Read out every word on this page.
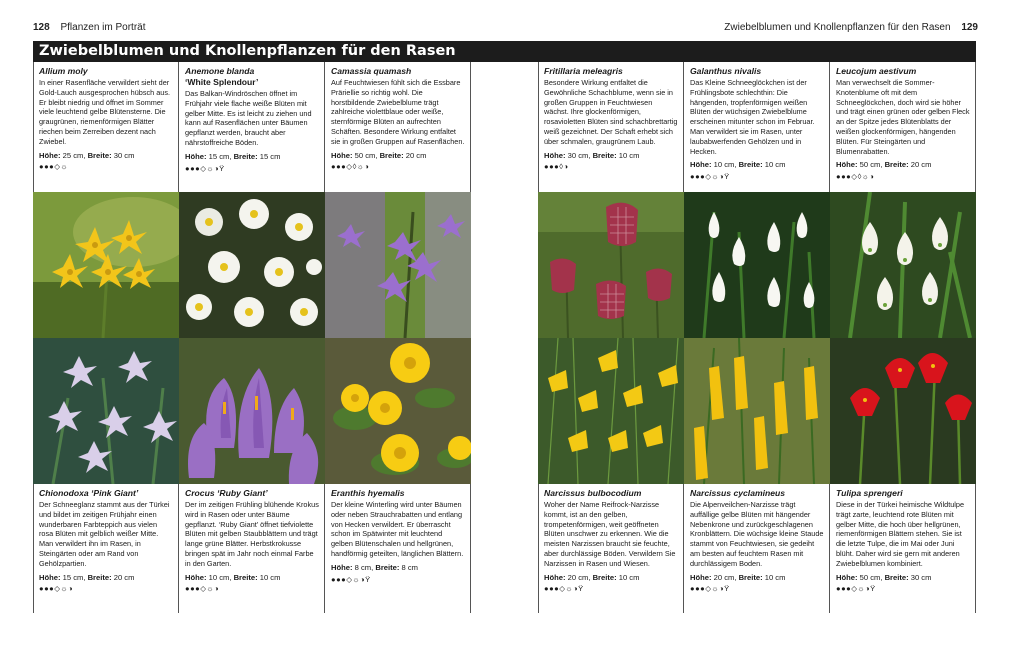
128 Pflanzen im Porträt	Zwiebelblumen und Knollenpflanzen für den Rasen 129
Zwiebelblumen und Knollenpflanzen für den Rasen
Allium moly
In einer Rasenfläche verwildert sieht der Gold-Lauch ausgesprochen hübsch aus. Er bleibt niedrig und öffnet im Sommer viele leuchtend gelbe Blütensterne. Die graugrünen, riemenförmigen Blätter riechen beim Zerreiben dezent nach Zwiebel.
Höhe: 25 cm, Breite: 30 cm
●●●◇☼
Anemone blanda
‘White Splendour’
Das Balkan-Windröschen öffnet im Frühjahr viele flache weiße Blüten mit gelber Mitte. Es ist leicht zu ziehen und kann auf Rasenflächen unter Bäumen gepflanzt werden, braucht aber nährstoffreiche Böden.
Höhe: 15 cm, Breite: 15 cm
●●●◇☼◑Ϋ
Camassia quamash
Auf Feuchtwiesen fühlt sich die Essbare Präriellie so richtig wohl. Die horstbildende Zwiebelblume trägt zahlreiche violettblaue oder weiße, sternförmige Blüten an aufrechten Schäften. Besondere Wirkung entfaltet sie in großen Gruppen auf Rasenflächen.
Höhe: 50 cm, Breite: 20 cm
●●●◇◊☼◑
Fritillaria meleagris
Besondere Wirkung entfaltet die Gewöhnliche Schachblume, wenn sie in großen Gruppen in Feuchtwiesen wächst. Ihre glockenförmigen, rosavioletten Blüten sind schachbrettartig weiß gezeichnet. Der Schaft erhebt sich über schmalen, graugrünem Laub.
Höhe: 30 cm, Breite: 10 cm
●●●◊◑
Galanthus nivalis
Das Kleine Schneeglöckchen ist der Frühlingsbote schlechthin: Die hängenden, tropfenförmigen weißen Blüten der wüchsigen Zwiebelblume erscheinen mitunter schon im Februar. Man verwildert sie im Rasen, unter laubabwerfenden Gehölzen und in Hecken.
Höhe: 10 cm, Breite: 10 cm
●●●◇☼◑Ϋ
Leucojum aestivum
Man verwechselt die Sommer-Knotenblume oft mit dem Schneeglöckchen, doch wird sie höher und trägt einen grünen oder gelben Fleck an der Spitze jedes Blütenblatts der weißen glockenförmigen, hängenden Blüten. Für Steingärten und Blumenrabatten.
Höhe: 50 cm, Breite: 20 cm
●●●◇◊☼◑
Chionodoxa ‘Pink Giant’
Der Schneeglanz stammt aus der Türkei und bildet im zeitigen Frühjahr einen wunderbaren Farbteppich aus vielen rosa Blüten mit gelblich weißer Mitte. Man verwildert ihn im Rasen, in Steingärten oder am Rand von Gehölzpartien.
Höhe: 15 cm, Breite: 20 cm
●●●◇☼◑
Crocus ‘Ruby Giant’
Der im zeitigen Frühling blühende Krokus wird in Rasen oder unter Bäume gepflanzt. ‘Ruby Giant’ öffnet tiefviolette Blüten mit gelben Staubblättern und trägt lange grüne Blätter. Herbstkrokusse bringen spät im Jahr noch einmal Farbe in den Garten.
Höhe: 10 cm, Breite: 10 cm
●●●◇☼◑
Eranthis hyemalis
Der kleine Winterling wird unter Bäumen oder neben Strauchrabatten und entlang von Hecken verwildert. Er überrascht schon im Spätwinter mit leuchtend gelben Blütenschalen und hellgrünen, handförmig geteilten, länglichen Blättern.
Höhe: 8 cm, Breite: 8 cm
●●●◇☼◑Ϋ
Narcissus bulbocodium
Woher der Name Reifrock-Narzisse kommt, ist an den gelben, trompetenförmigen, weit geöffneten Blüten unschwer zu erkennen. Wie die meisten Narzissen braucht sie feuchte, aber durchlässige Böden. Verwildern Sie Narzissen in Rasen und Wiesen.
Höhe: 20 cm, Breite: 10 cm
●●●◇☼◑Ϋ
Narcissus cyclamineus
Die Alpenveilchen-Narzisse trägt auffällige gelbe Blüten mit hängender Nebenkrone und zurückgeschlagenen Kronblättern. Die wüchsige kleine Staude stammt von Feuchtwiesen, sie gedeiht am besten auf feuchtem Rasen mit durchlässigem Boden.
Höhe: 20 cm, Breite: 10 cm
●●●◇☼◑Ϋ
Tulipa sprengeri
Diese in der Türkei heimische Wildtulpe trägt zarte, leuchtend rote Blüten mit gelber Mitte, die hoch über hellgrünen, riemenförmigen Blättern stehen. Sie ist die letzte Tulpe, die im Mai oder Juni blüht. Daher wird sie gern mit anderen Zwiebelblumen kombiniert.
Höhe: 50 cm, Breite: 30 cm
●●●◇☼◑Ϋ
